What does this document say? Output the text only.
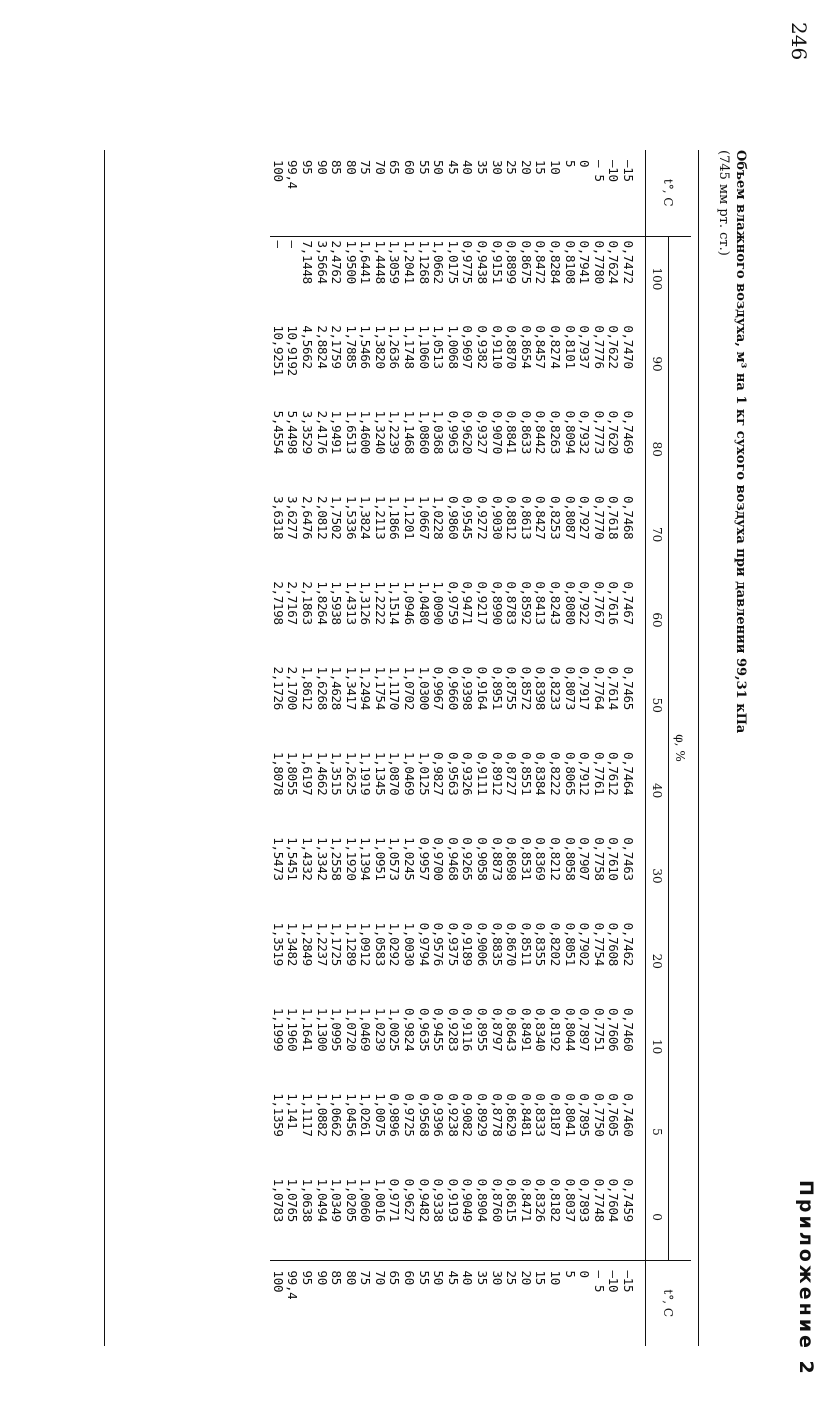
246
Приложение 2
Объем влажного воздуха, м³ на 1 кг сухого воздуха при давлении 99,31 кПа
(745 мм рт. ст.)
t°, С	φ, %												t°, С
	100	90	80	70	60	50	40	30	20	10	5	0	
—15	0,7472	0,7470	0,7469	0,7468	0,7467	0,7465	0,7464	0,7463	0,7462	0,7460	0,7460	0,7459	—15
—10	0,7624	0,7622	0,7620	0,7618	0,7616	0,7614	0,7612	0,7610	0,7608	0,7606	0,7605	0,7604	—10
— 5	0,7780	0,7776	0,7773	0,7770	0,7767	0,7764	0,7761	0,7758	0,7754	0,7751	0,7750	0,7748	— 5
0	0,7941	0,7937	0,7932	0,7927	0,7922	0,7917	0,7912	0,7907	0,7902	0,7897	0,7895	0,7893	0
5	0,8108	0,8101	0,8094	0,8087	0,8080	0,8073	0,8065	0,8058	0,8051	0,8044	0,8041	0,8037	5
10	0,8284	0,8274	0,8263	0,8253	0,8243	0,8233	0,8222	0,8212	0,8202	0,8192	0,8187	0,8182	10
15	0,8472	0,8457	0,8442	0,8427	0,8413	0,8398	0,8384	0,8369	0,8355	0,8340	0,8333	0,8326	15
20	0,8675	0,8654	0,8633	0,8613	0,8592	0,8572	0,8551	0,8531	0,8511	0,8491	0,8481	0,8471	20
25	0,8899	0,8870	0,8841	0,8812	0,8783	0,8755	0,8727	0,8698	0,8670	0,8643	0,8629	0,8615	25
30	0,9151	0,9110	0,9070	0,9030	0,8990	0,8951	0,8912	0,8873	0,8835	0,8797	0,8778	0,8760	30
35	0,9438	0,9382	0,9327	0,9272	0,9217	0,9164	0,9111	0,9058	0,9006	0,8955	0,8929	0,8904	35
40	0,9775	0,9697	0,9620	0,9545	0,9471	0,9398	0,9326	0,9265	0,9189	0,9116	0,9082	0,9049	40
45	1,0175	1,0068	0,9963	0,9860	0,9759	0,9660	0,9563	0,9468	0,9375	0,9283	0,9238	0,9193	45
50	1,0662	1,0513	1,0368	1,0228	1,0090	0,9967	0,9827	0,9700	0,9576	0,9455	0,9396	0,9338	50
55	1,1268	1,1060	1,0860	1,0667	1,0480	1,0300	1,0125	0,9957	0,9794	0,9635	0,9568	0,9482	55
60	1,2041	1,1748	1,1468	1,1201	1,0946	1,0702	1,0469	1,0245	1,0030	0,9824	0,9725	0,9627	60
65	1,3059	1,2636	1,2239	1,1866	1,1514	1,1170	1,0870	1,0573	1,0292	1,0025	0,9896	0,9771	65
70	1,4448	1,3820	1,3240	1,2113	1,2222	1,1754	1,1345	1,0951	1,0583	1,0239	1,0075	1,0016	70
75	1,6441	1,5466	1,4600	1,3824	1,3126	1,2494	1,1919	1,1394	1,0912	1,0469	1,0261	1,0060	75
80	1,9500	1,7885	1,6513	1,5336	1,4313	1,3417	1,2625	1,1920	1,1289	1,0720	1,0456	1,0205	80
85	2,4762	2,1759	1,9491	1,7502	1,5938	1,4628	1,3515	1,2558	1,1725	1,0995	1,0662	1,0349	85
90	3,5664	2,8824	2,4176	2,0812	1,8264	1,6268	1,4662	1,3342	1,2237	1,1300	1,0882	1,0494	90
95	7,1448	4,5662	3,3529	2,6476	2,1863	1,8612	1,6197	1,4332	1,2849	1,1641	1,1117	1,0638	95
99,4	—	10,9192	5,4498	3,6277	2,7167	2,1700	1,8055	1,5451	1,3482	1,1960	1,141	1,0765	99,4
100	—	10,9251	5,4554	3,6318	2,7198	2,1726	1,8078	1,5473	1,3519	1,1999	1,1359	1,0783	100
